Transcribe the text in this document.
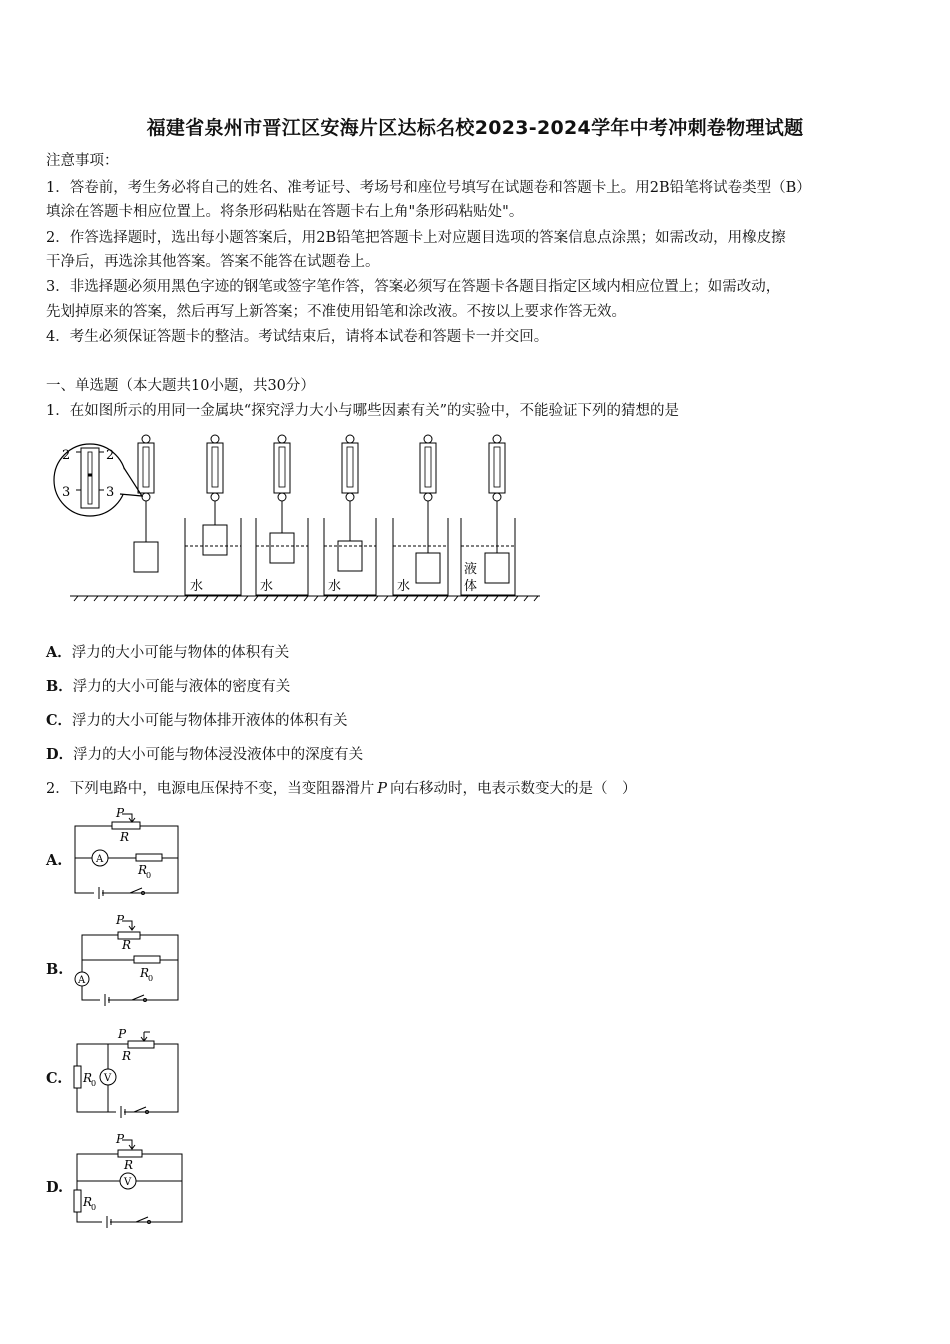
福建省泉州市晋江区安海片区达标名校2023-2024学年中考冲刺卷物理试题
注意事项：
1．答卷前，考生务必将自己的姓名、准考证号、考场号和座位号填写在试题卷和答题卡上。用2B铅笔将试卷类型（B）
填涂在答题卡相应位置上。将条形码粘贴在答题卡右上角"条形码粘贴处"。
2．作答选择题时，选出每小题答案后，用2B铅笔把答题卡上对应题目选项的答案信息点涂黑；如需改动，用橡皮擦
干净后，再选涂其他答案。答案不能答在试题卷上。
3．非选择题必须用黑色字迹的钢笔或签字笔作答，答案必须写在答题卡各题目指定区域内相应位置上；如需改动，
先划掉原来的答案，然后再写上新答案；不准使用铅笔和涂改液。不按以上要求作答无效。
4．考生必须保证答题卡的整洁。考试结束后，请将本试卷和答题卡一并交回。
一、单选题（本大题共10小题，共30分）
1．在如图所示的用同一金属块“探究浮力大小与哪些因素有关”的实验中，不能验证下列的猜想的是
2	2
3	3
水	水	水	水
液
体
A．浮力的大小可能与物体的体积有关
B．浮力的大小可能与液体的密度有关
C．浮力的大小可能与物体排开液体的体积有关
D．浮力的大小可能与物体浸没液体中的深度有关
2．下列电路中，电源电压保持不变，当变阻器滑片 P 向右移动时，电表示数变大的是（　）
A.
P
R
A
R
0
B.
P
R
A
R
0
C.
P
R
V
R
0
D.
P
R
V
R
0
